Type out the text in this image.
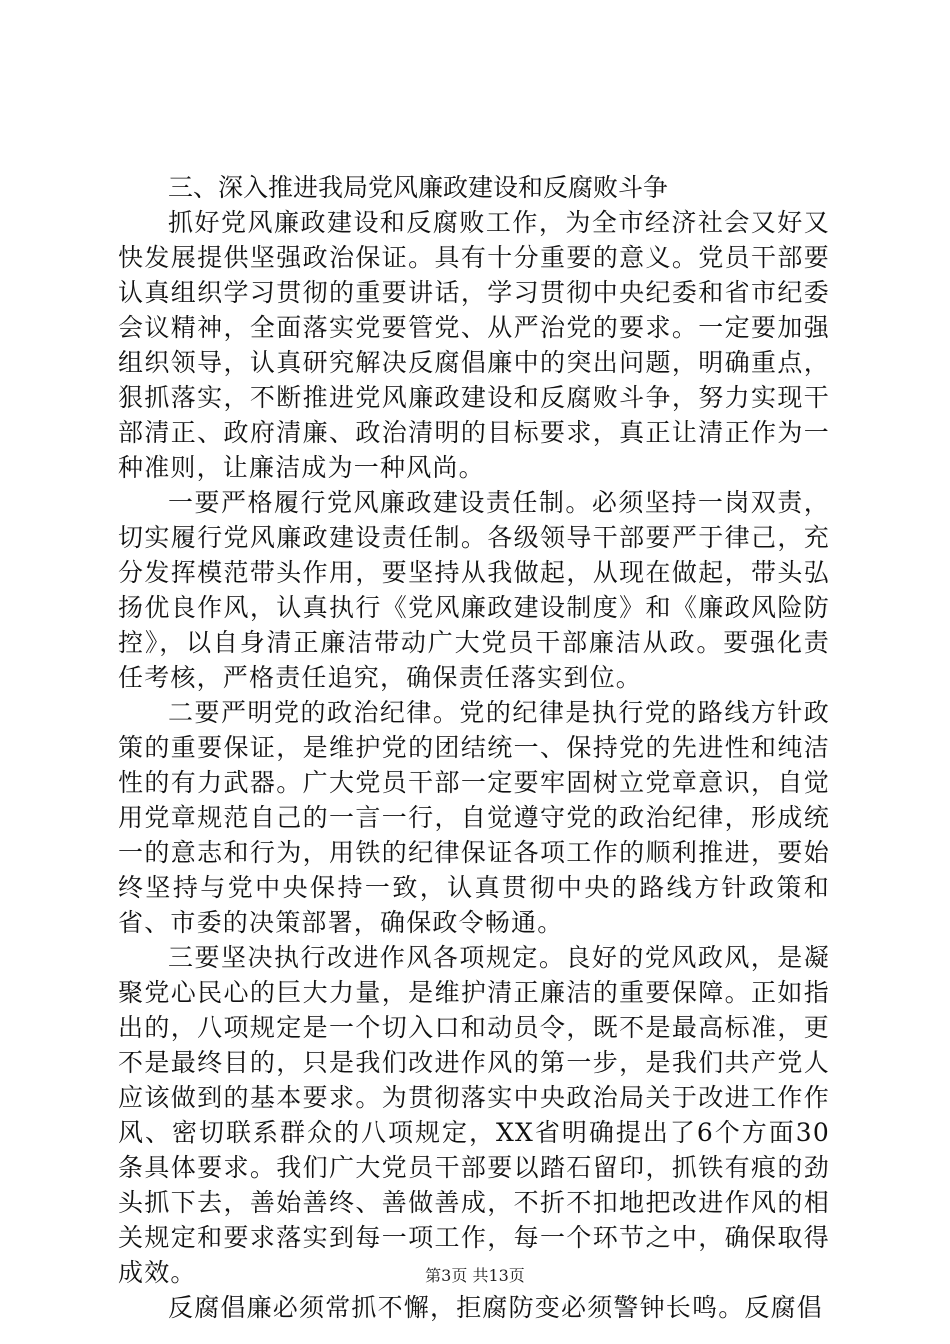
三、深入推进我局党风廉政建设和反腐败斗争

抓好党风廉政建设和反腐败工作，为全市经济社会又好又快发展提供坚强政治保证。具有十分重要的意义。党员干部要认真组织学习贯彻的重要讲话，学习贯彻中央纪委和省市纪委会议精神，全面落实党要管党、从严治党的要求。一定要加强组织领导，认真研究解决反腐倡廉中的突出问题，明确重点，狠抓落实，不断推进党风廉政建设和反腐败斗争，努力实现干部清正、政府清廉、政治清明的目标要求，真正让清正作为一种准则，让廉洁成为一种风尚。

一要严格履行党风廉政建设责任制。必须坚持一岗双责，切实履行党风廉政建设责任制。各级领导干部要严于律己，充分发挥模范带头作用，要坚持从我做起，从现在做起，带头弘扬优良作风，认真执行《党风廉政建设制度》和《廉政风险防控》，以自身清正廉洁带动广大党员干部廉洁从政。要强化责任考核，严格责任追究，确保责任落实到位。

二要严明党的政治纪律。党的纪律是执行党的路线方针政策的重要保证，是维护党的团结统一、保持党的先进性和纯洁性的有力武器。广大党员干部一定要牢固树立党章意识，自觉用党章规范自己的一言一行，自觉遵守党的政治纪律，形成统一的意志和行为，用铁的纪律保证各项工作的顺利推进，要始终坚持与党中央保持一致，认真贯彻中央的路线方针政策和省、市委的决策部署，确保政令畅通。

三要坚决执行改进作风各项规定。良好的党风政风，是凝聚党心民心的巨大力量，是维护清正廉洁的重要保障。正如指出的，八项规定是一个切入口和动员令，既不是最高标准，更不是最终目的，只是我们改进作风的第一步，是我们共产党人应该做到的基本要求。为贯彻落实中央政治局关于改进工作作风、密切联系群众的八项规定，XX省明确提出了6个方面30条具体要求。我们广大党员干部要以踏石留印，抓铁有痕的劲头抓下去，善始善终、善做善成，不折不扣地把改进作风的相关规定和要求落实到每一项工作，每一个环节之中，确保取得成效。

反腐倡廉必须常抓不懈，拒腐防变必须警钟长鸣。反腐倡

第3页 共13页
